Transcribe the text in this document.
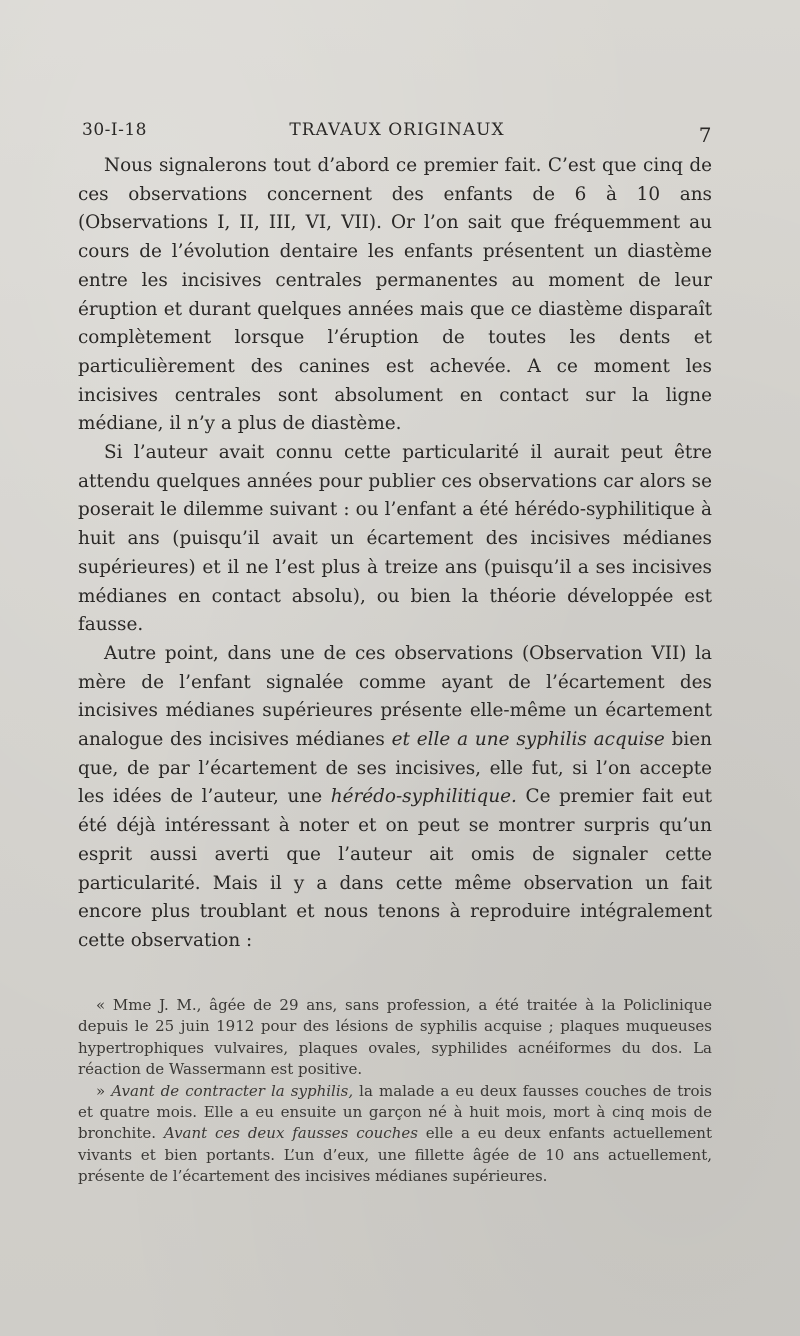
30-I-18	TRAVAUX ORIGINAUX	7

Nous signalerons tout d’abord ce premier fait. C’est que cinq de ces observations concernent des enfants de 6 à 10 ans (Observations I, II, III, VI, VII). Or l’on sait que fréquemment au cours de l’évolution dentaire les enfants présentent un diastème entre les incisives centrales permanentes au moment de leur éruption et durant quelques années mais que ce diastème disparaît complètement lorsque l’éruption de toutes les dents et particulièrement des canines est achevée. A ce moment les incisives centrales sont absolument en contact sur la ligne médiane, il n’y a plus de diastème.

Si l’auteur avait connu cette particularité il aurait peut être attendu quelques années pour publier ces observations car alors se poserait le dilemme suivant : ou l’enfant a été hérédo-syphilitique à huit ans (puisqu’il avait un écartement des incisives médianes supérieures) et il ne l’est plus à treize ans (puisqu’il a ses incisives médianes en contact absolu), ou bien la théorie développée est fausse.

Autre point, dans une de ces observations (Observation VII) la mère de l’enfant signalée comme ayant de l’écartement des incisives médianes supérieures présente elle-même un écartement analogue des incisives médianes et elle a une syphilis acquise bien que, de par l’écartement de ses incisives, elle fut, si l’on accepte les idées de l’auteur, une hérédo-syphilitique. Ce premier fait eut été déjà intéressant à noter et on peut se montrer surpris qu’un esprit aussi averti que l’auteur ait omis de signaler cette particularité. Mais il y a dans cette même observation un fait encore plus troublant et nous tenons à reproduire intégralement cette observation :

« Mme J. M., âgée de 29 ans, sans profession, a été traitée à la Policlinique depuis le 25 juin 1912 pour des lésions de syphilis acquise ; plaques muqueuses hypertrophiques vulvaires, plaques ovales, syphilides acnéiformes du dos. La réaction de Wassermann est positive.

» Avant de contracter la syphilis, la malade a eu deux fausses couches de trois et quatre mois. Elle a eu ensuite un garçon né à huit mois, mort à cinq mois de bronchite. Avant ces deux fausses couches elle a eu deux enfants actuellement vivants et bien portants. L’un d’eux, une fillette âgée de 10 ans actuellement, présente de l’écartement des incisives médianes supérieures.
